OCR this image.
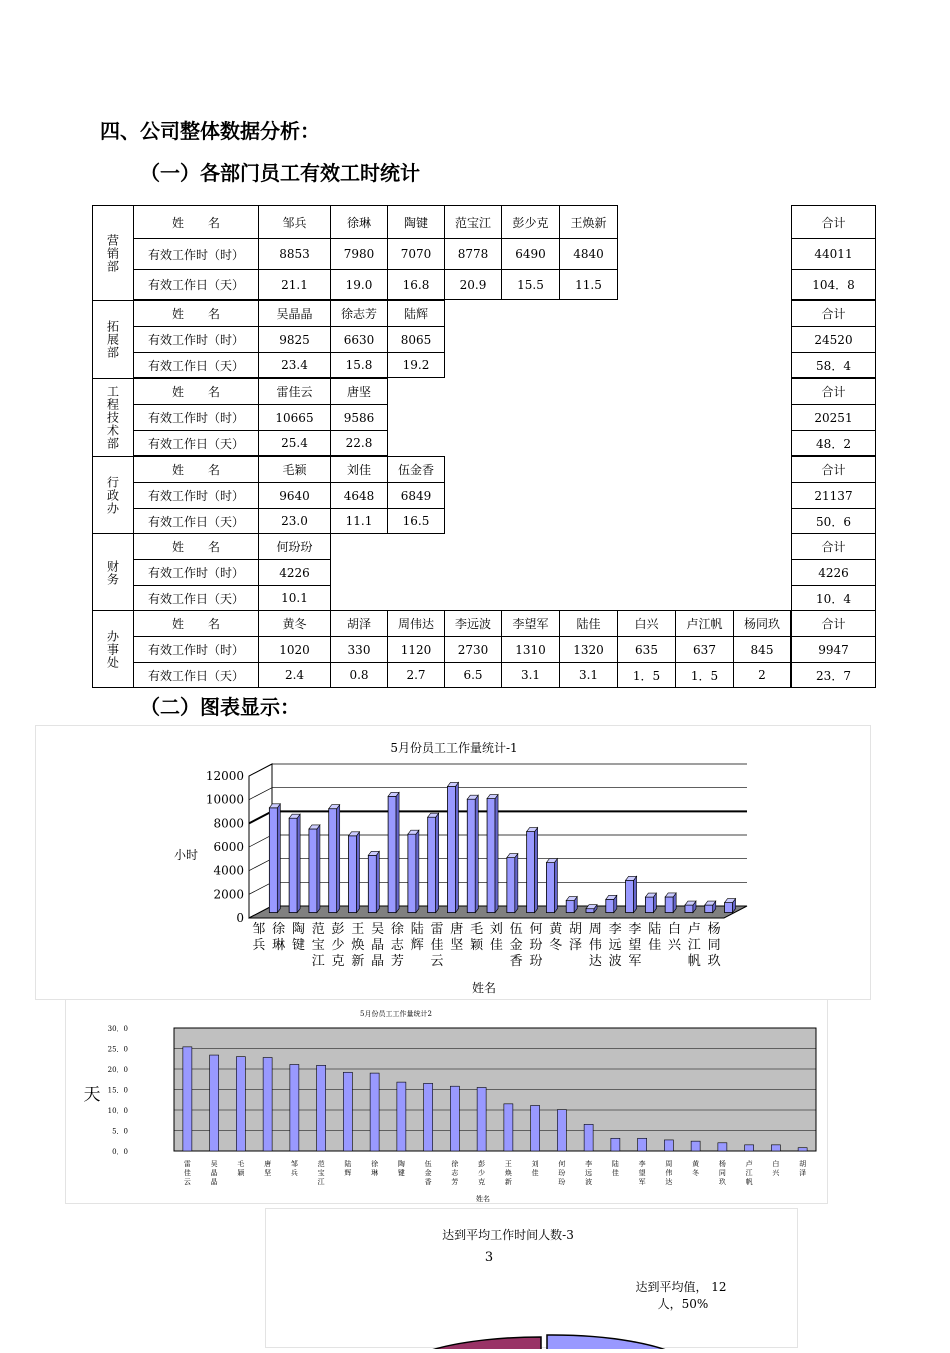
四、公司整体数据分析：
（一）各部门员工有效工时统计
营销部
姓　　名	邹兵	徐琳	陶键	范宝江	彭少克	王焕新	合计
有效工作时（时）	8853	7980	7070	8778	6490	4840	44011
有效工作日（天）	21.1	19.0	16.8	20.9	15.5	11.5	104．8
拓展部
姓　　名	吴晶晶	徐志芳	陆辉	合计
有效工作时（时）	9825	6630	8065	24520
有效工作日（天）	23.4	15.8	19.2	58．4
工程技术部	姓　　名	雷佳云	唐坚	合计
有效工作时（时）	10665	9586	20251
有效工作日（天）	25.4	22.8	48．2
行政办
姓　　名	毛颖	刘佳	伍金香	合计
有效工作时（时）	9640	4648	6849	21137
有效工作日（天）	23.0	11.1	16.5	50．6
财务
姓　　名	何玢玢	合计
有效工作时（时）	4226	4226
有效工作日（天）	10.1	10．4
办事处
姓　　名	黄冬	胡泽	周伟达	李远波	李望军	陆佳	白兴	卢江帆	杨同玖	合计
有效工作时（时）	1020	330	1120	2730	1310	1320	635	637	845	9947
有效工作日（天）	2.4	0.8	2.7	6.5	3.1	3.1	1．5	1．5	2	23．7
（二）图表显示：
0
2000
4000
6000
8000
10000
12000
邹
兵
徐
琳
陶
键
范
宝
江
彭
少
克
王
焕
新
吴
晶
晶
徐
志
芳
陆
辉
雷
佳
云
唐
坚
毛
颖
刘
佳
伍
金
香
何
玢
玢
黄
冬
胡
泽
周
伟
达
李
远
波
李
望
军
陆
佳
白
兴
卢
江
帆
杨
同
玖
5月份员工工作量统计-1
小时
姓名
0．0
5．0
10．0
15．0
20．0
25．0
30．0
雷
佳
云
吴
晶
晶
毛
颖
唐
坚
邹
兵
范
宝
江
陆
辉
徐
琳
陶
键
伍
金
香
徐
志
芳
彭
少
克
王
焕
新
刘
佳
何
玢
玢
李
远
波
陆
佳
李
望
军
周
伟
达
黄
冬
杨
同
玖
卢
江
帆
白
兴
胡
泽
5月份员工工作量统计2
天
姓名
达到平均工作时间人数-3
3
达到平均值， 12
人，50%
